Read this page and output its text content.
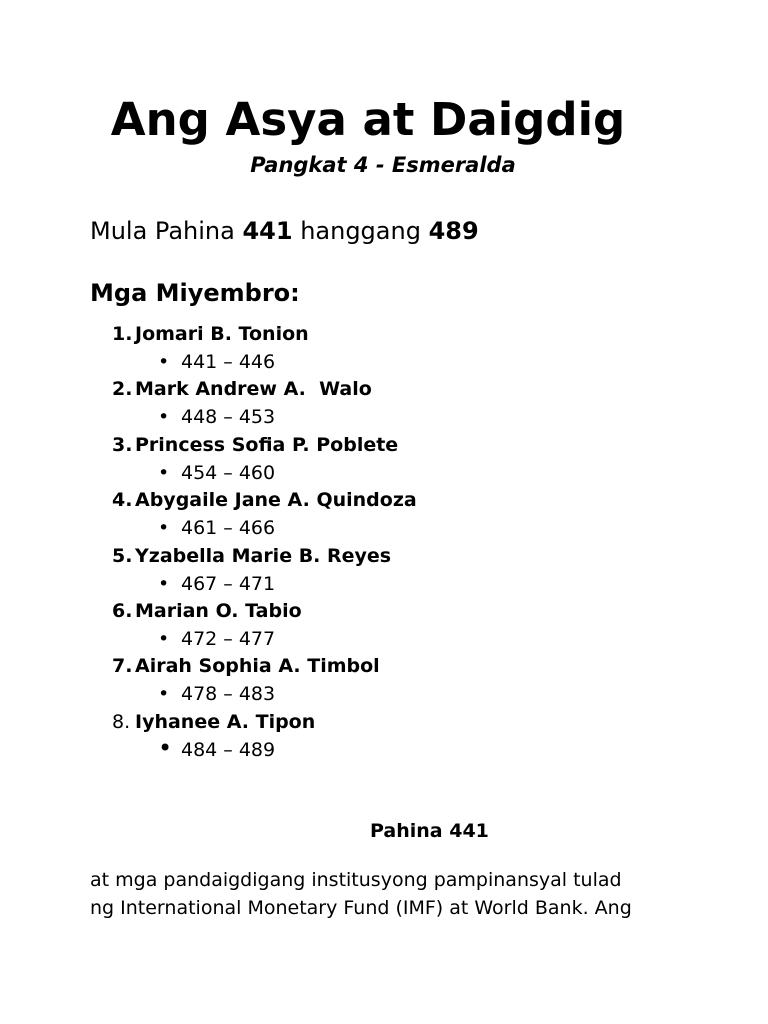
Ang Asya at Daigdig

Pangkat 4 - Esmeralda

Mula Pahina 441 hanggang 489

Mga Miyembro:
1. Jomari B. Tonion
• 441 – 446
2. Mark Andrew A.  Walo
• 448 – 453
3. Princess Sofia P. Poblete
• 454 – 460
4. Abygaile Jane A. Quindoza
• 461 – 466
5. Yzabella Marie B. Reyes
• 467 – 471
6. Marian O. Tabio
• 472 – 477
7. Airah Sophia A. Timbol
• 478 – 483
8. Iyhanee A. Tipon
• 484 – 489

Pahina 441

at mga pandaigdigang institusyong pampinansyal tulad
ng International Monetary Fund (IMF) at World Bank. Ang
